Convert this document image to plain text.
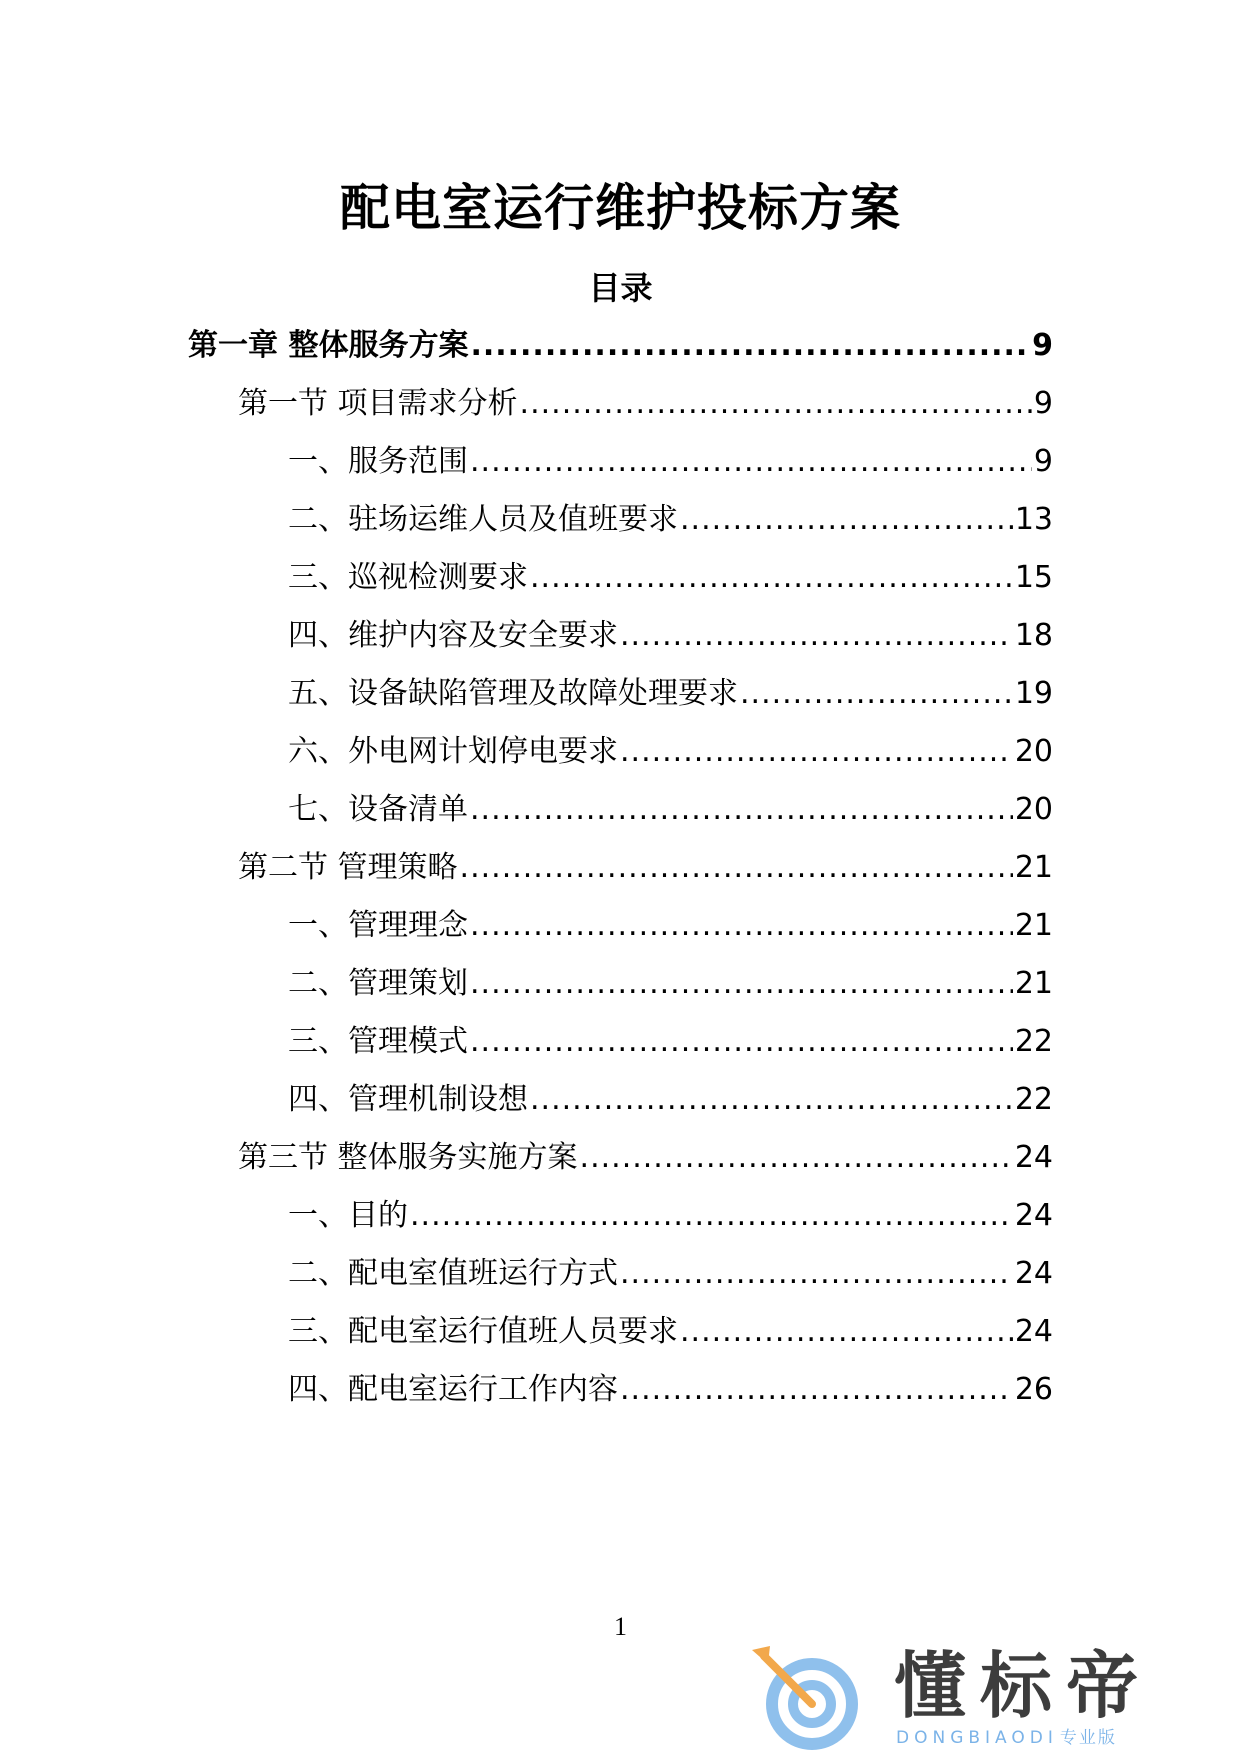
配电室运行维护投标方案
目录
第一章 整体服务方案 .....	9
第一节 项目需求分析 .....	9
一、服务范围 .....	9
二、驻场运维人员及值班要求 .....	13
三、巡视检测要求 .....	15
四、维护内容及安全要求 .....	18
五、设备缺陷管理及故障处理要求 .....	19
六、外电网计划停电要求 .....	20
七、设备清单 .....	20
第二节 管理策略 .....	21
一、管理理念 .....	21
二、管理策划 .....	21
三、管理模式 .....	22
四、管理机制设想 .....	22
第三节 整体服务实施方案 .....	24
一、目的 .....	24
二、配电室值班运行方式 .....	24
三、配电室运行值班人员要求 .....	24
四、配电室运行工作内容 .....	26
1
懂标帝
DONGBIAODI 专业版
